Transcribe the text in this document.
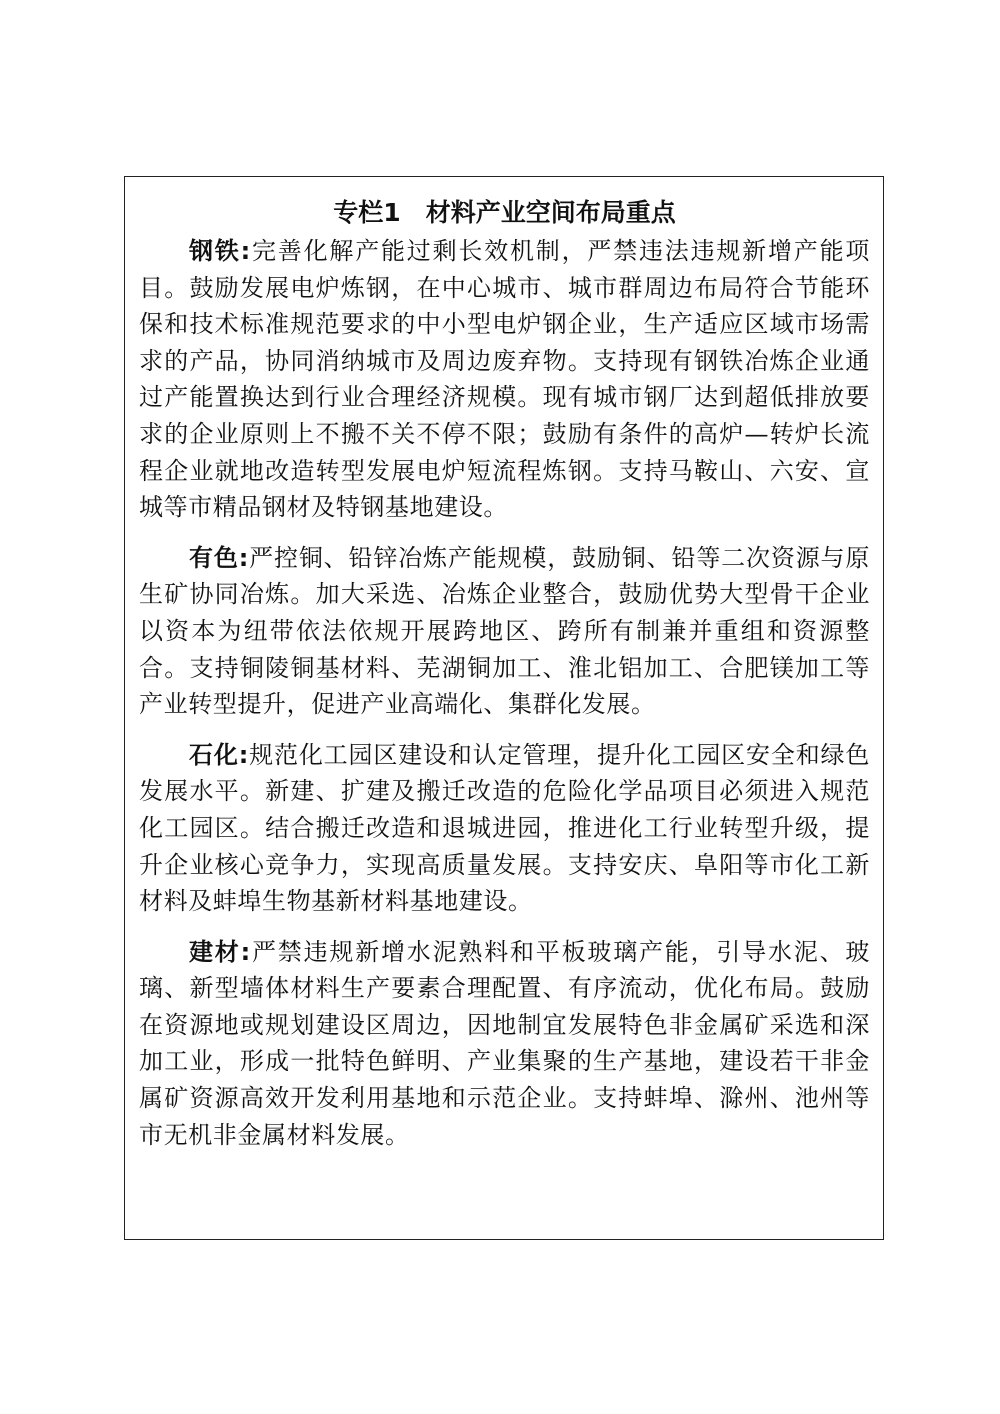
专栏1　材料产业空间布局重点

钢铁:完善化解产能过剩长效机制，严禁违法违规新增产能项目。鼓励发展电炉炼钢，在中心城市、城市群周边布局符合节能环保和技术标准规范要求的中小型电炉钢企业，生产适应区域市场需求的产品，协同消纳城市及周边废弃物。支持现有钢铁冶炼企业通过产能置换达到行业合理经济规模。现有城市钢厂达到超低排放要求的企业原则上不搬不关不停不限；鼓励有条件的高炉—转炉长流程企业就地改造转型发展电炉短流程炼钢。支持马鞍山、六安、宣城等市精品钢材及特钢基地建设。

有色:严控铜、铅锌冶炼产能规模，鼓励铜、铅等二次资源与原生矿协同冶炼。加大采选、冶炼企业整合，鼓励优势大型骨干企业以资本为纽带依法依规开展跨地区、跨所有制兼并重组和资源整合。支持铜陵铜基材料、芜湖铜加工、淮北铝加工、合肥镁加工等产业转型提升，促进产业高端化、集群化发展。

石化:规范化工园区建设和认定管理，提升化工园区安全和绿色发展水平。新建、扩建及搬迁改造的危险化学品项目必须进入规范化工园区。结合搬迁改造和退城进园，推进化工行业转型升级，提升企业核心竞争力，实现高质量发展。支持安庆、阜阳等市化工新材料及蚌埠生物基新材料基地建设。

建材:严禁违规新增水泥熟料和平板玻璃产能，引导水泥、玻璃、新型墙体材料生产要素合理配置、有序流动，优化布局。鼓励在资源地或规划建设区周边，因地制宜发展特色非金属矿采选和深加工业，形成一批特色鲜明、产业集聚的生产基地，建设若干非金属矿资源高效开发利用基地和示范企业。支持蚌埠、滁州、池州等市无机非金属材料发展。
